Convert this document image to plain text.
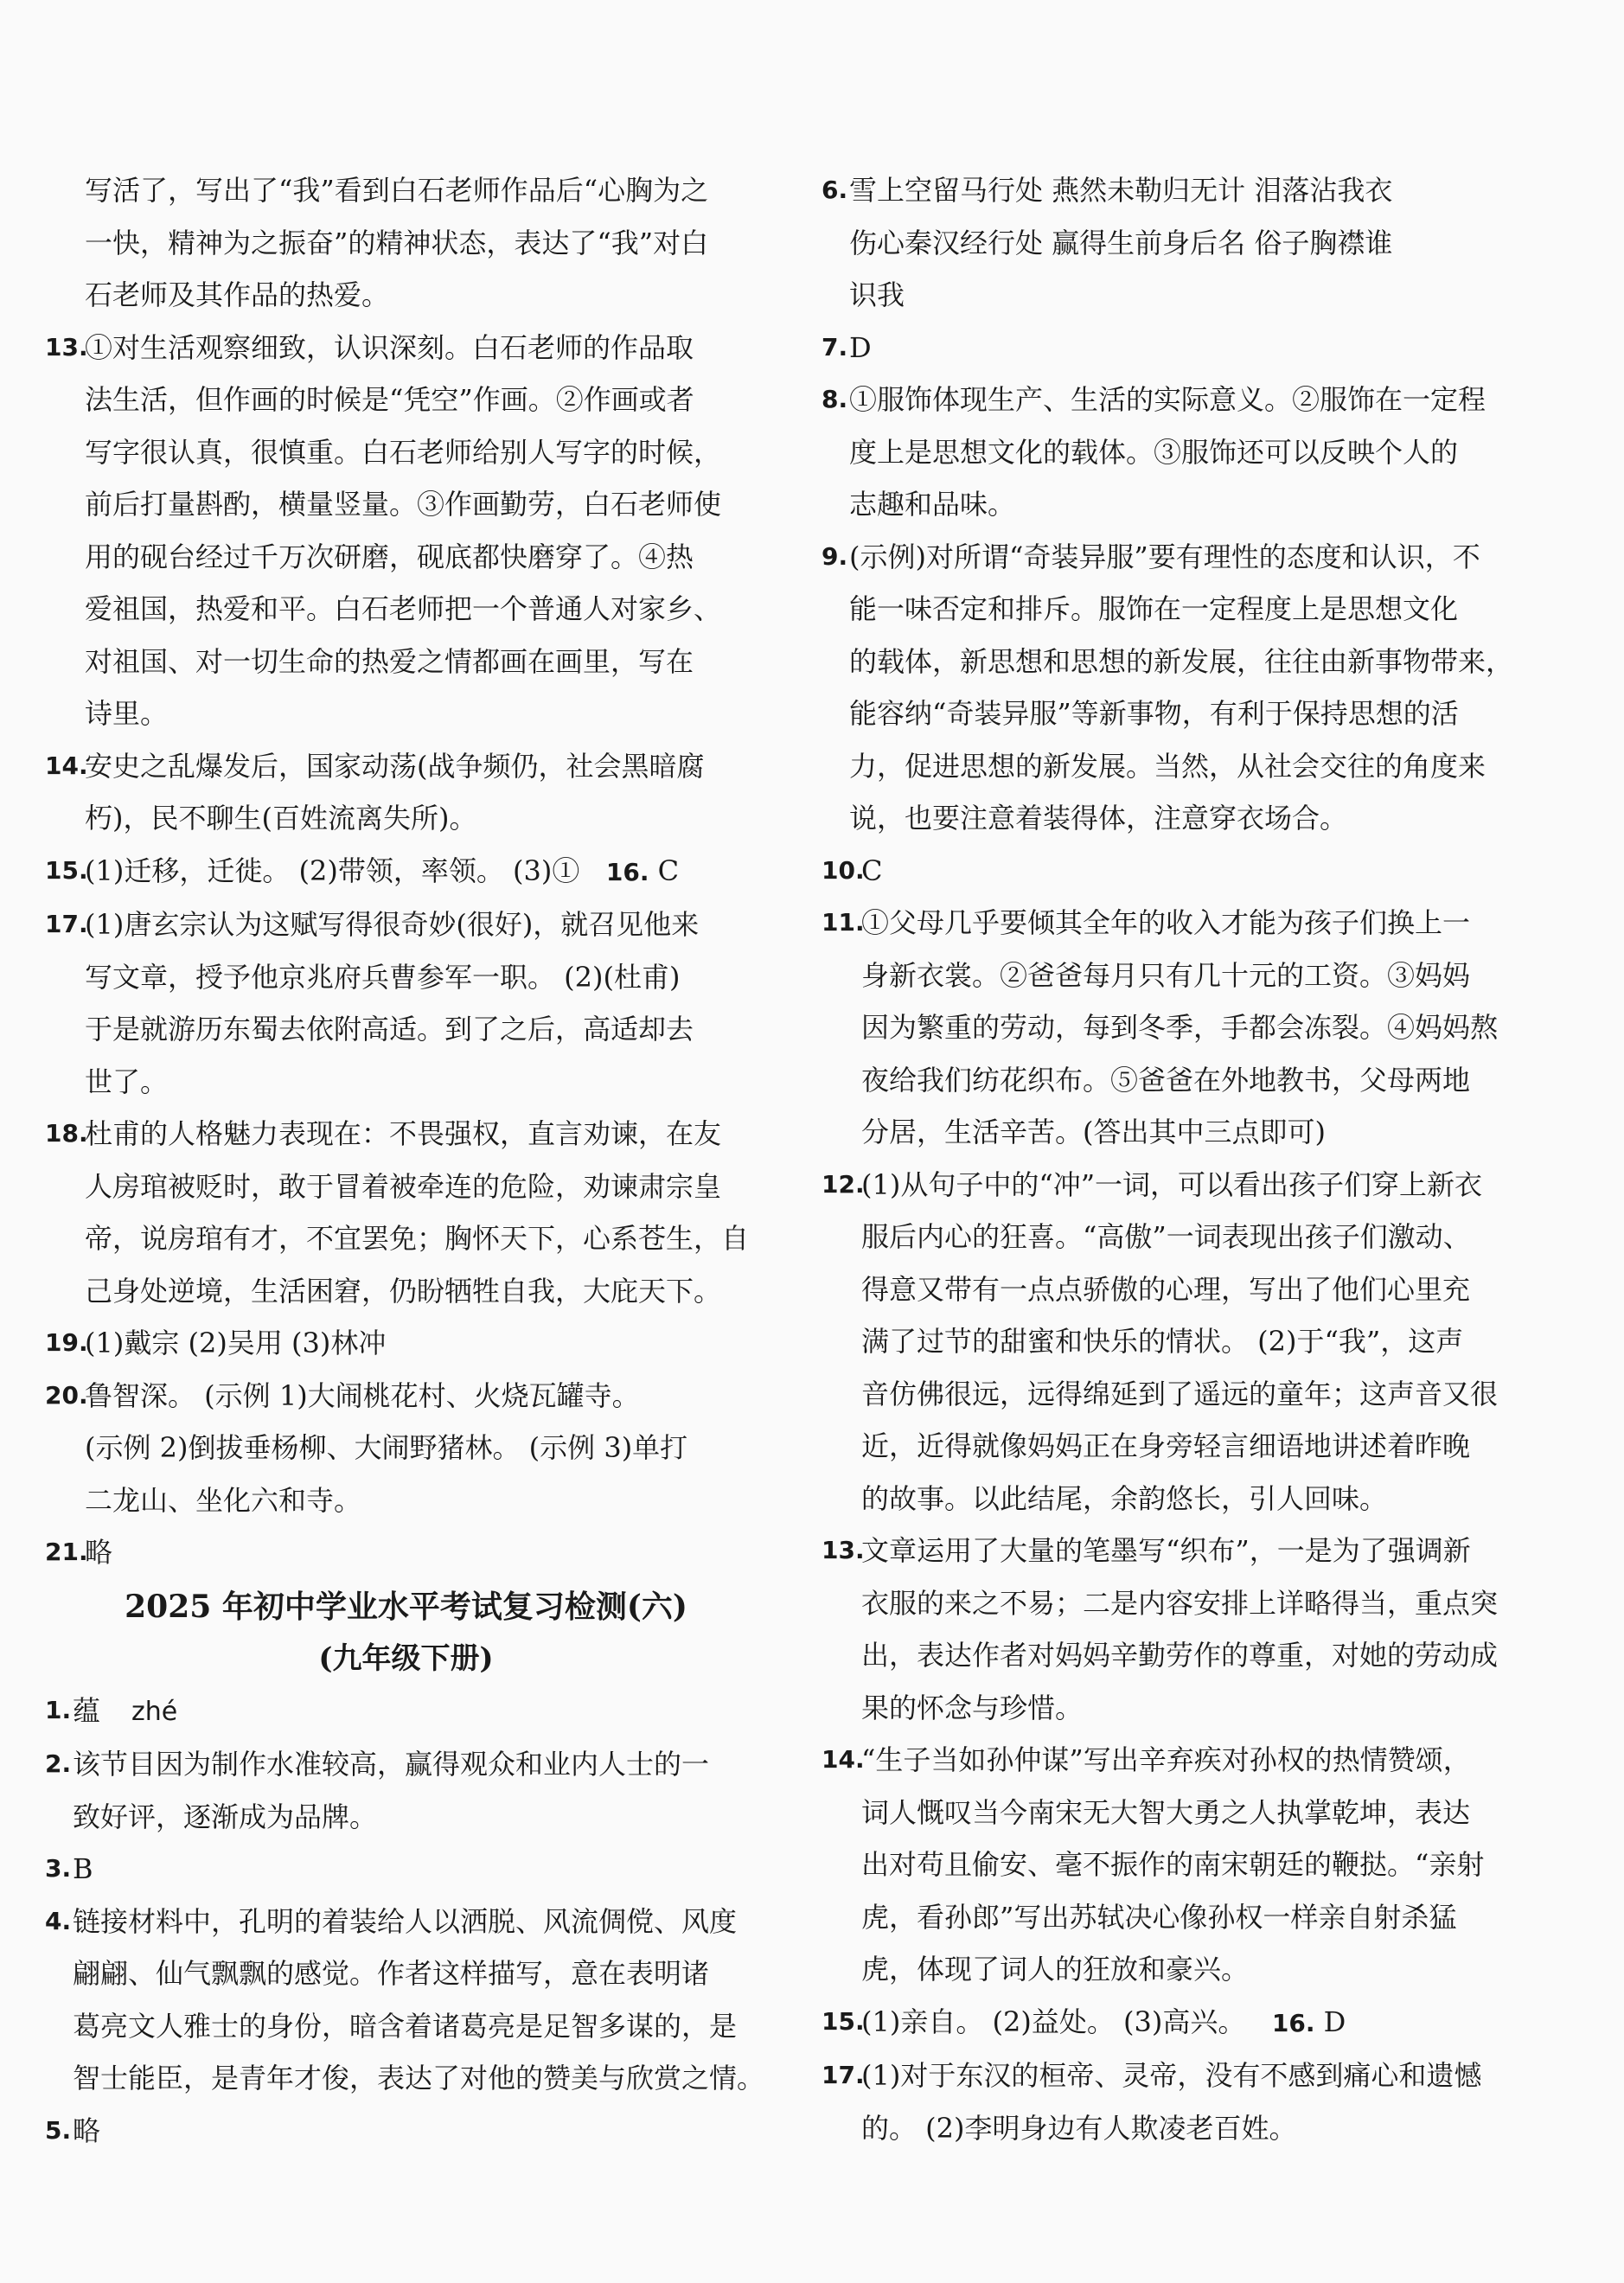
写活了，写出了“我”看到白石老师作品后“心胸为之
一快，精神为之振奋”的精神状态，表达了“我”对白
石老师及其作品的热爱。
13.
①对生活观察细致，认识深刻。白石老师的作品取
法生活，但作画的时候是“凭空”作画。②作画或者
写字很认真，很慎重。白石老师给别人写字的时候，
前后打量斟酌，横量竖量。③作画勤劳，白石老师使
用的砚台经过千万次研磨，砚底都快磨穿了。④热
爱祖国，热爱和平。白石老师把一个普通人对家乡、
对祖国、对一切生命的热爱之情都画在画里，写在
诗里。
14.
安史之乱爆发后，国家动荡(战争频仍，社会黑暗腐
朽)，民不聊生(百姓流离失所)。
15.
(1)迁移，迁徙。 (2)带领，率领。 (3)① 16. C
17.
(1)唐玄宗认为这赋写得很奇妙(很好)，就召见他来
写文章，授予他京兆府兵曹参军一职。 (2)(杜甫)
于是就游历东蜀去依附高适。到了之后，高适却去
世了。
18.
杜甫的人格魅力表现在：不畏强权，直言劝谏，在友
人房琯被贬时，敢于冒着被牵连的危险，劝谏肃宗皇
帝，说房琯有才，不宜罢免；胸怀天下，心系苍生，自
己身处逆境，生活困窘，仍盼牺牲自我，大庇天下。
19.
(1)戴宗 (2)吴用 (3)林冲
20.
鲁智深。 (示例 1)大闹桃花村、火烧瓦罐寺。
(示例 2)倒拔垂杨柳、大闹野猪林。 (示例 3)单打
二龙山、坐化六和寺。
21.
略
2025 年初中学业水平考试复习检测(六)
(九年级下册)
1. 蕴 zhé
2. 该节目因为制作水准较高，赢得观众和业内人士的一
致好评，逐渐成为品牌。
3. B
4. 链接材料中，孔明的着装给人以洒脱、风流倜傥、风度
翩翩、仙气飘飘的感觉。作者这样描写，意在表明诸
葛亮文人雅士的身份，暗含着诸葛亮是足智多谋的，是
智士能臣，是青年才俊，表达了对他的赞美与欣赏之情。
5. 略
6. 雪上空留马行处 燕然未勒归无计 泪落沾我衣
伤心秦汉经行处 赢得生前身后名 俗子胸襟谁
识我
7. D
8. ①服饰体现生产、生活的实际意义。②服饰在一定程
度上是思想文化的载体。③服饰还可以反映个人的
志趣和品味。
9. (示例)对所谓“奇装异服”要有理性的态度和认识，不
能一味否定和排斥。服饰在一定程度上是思想文化
的载体，新思想和思想的新发展，往往由新事物带来，
能容纳“奇装异服”等新事物，有利于保持思想的活
力，促进思想的新发展。当然，从社会交往的角度来
说，也要注意着装得体，注意穿衣场合。
10.
C
11.
①父母几乎要倾其全年的收入才能为孩子们换上一
身新衣裳。②爸爸每月只有几十元的工资。③妈妈
因为繁重的劳动，每到冬季，手都会冻裂。④妈妈熬
夜给我们纺花织布。⑤爸爸在外地教书，父母两地
分居，生活辛苦。(答出其中三点即可)
12.
(1)从句子中的“冲”一词，可以看出孩子们穿上新衣
服后内心的狂喜。“高傲”一词表现出孩子们激动、
得意又带有一点点骄傲的心理，写出了他们心里充
满了过节的甜蜜和快乐的情状。 (2)于“我”，这声
音仿佛很远，远得绵延到了遥远的童年；这声音又很
近，近得就像妈妈正在身旁轻言细语地讲述着昨晚
的故事。以此结尾，余韵悠长，引人回味。
13.
文章运用了大量的笔墨写“织布”，一是为了强调新
衣服的来之不易；二是内容安排上详略得当，重点突
出，表达作者对妈妈辛勤劳作的尊重，对她的劳动成
果的怀念与珍惜。
14.
“生子当如孙仲谋”写出辛弃疾对孙权的热情赞颂，
词人慨叹当今南宋无大智大勇之人执掌乾坤，表达
出对苟且偷安、毫不振作的南宋朝廷的鞭挞。“亲射
虎，看孙郎”写出苏轼决心像孙权一样亲自射杀猛
虎，体现了词人的狂放和豪兴。
15.
(1)亲自。 (2)益处。 (3)高兴。 16. D
17.
(1)对于东汉的桓帝、灵帝，没有不感到痛心和遗憾
的。 (2)李明身边有人欺凌老百姓。
